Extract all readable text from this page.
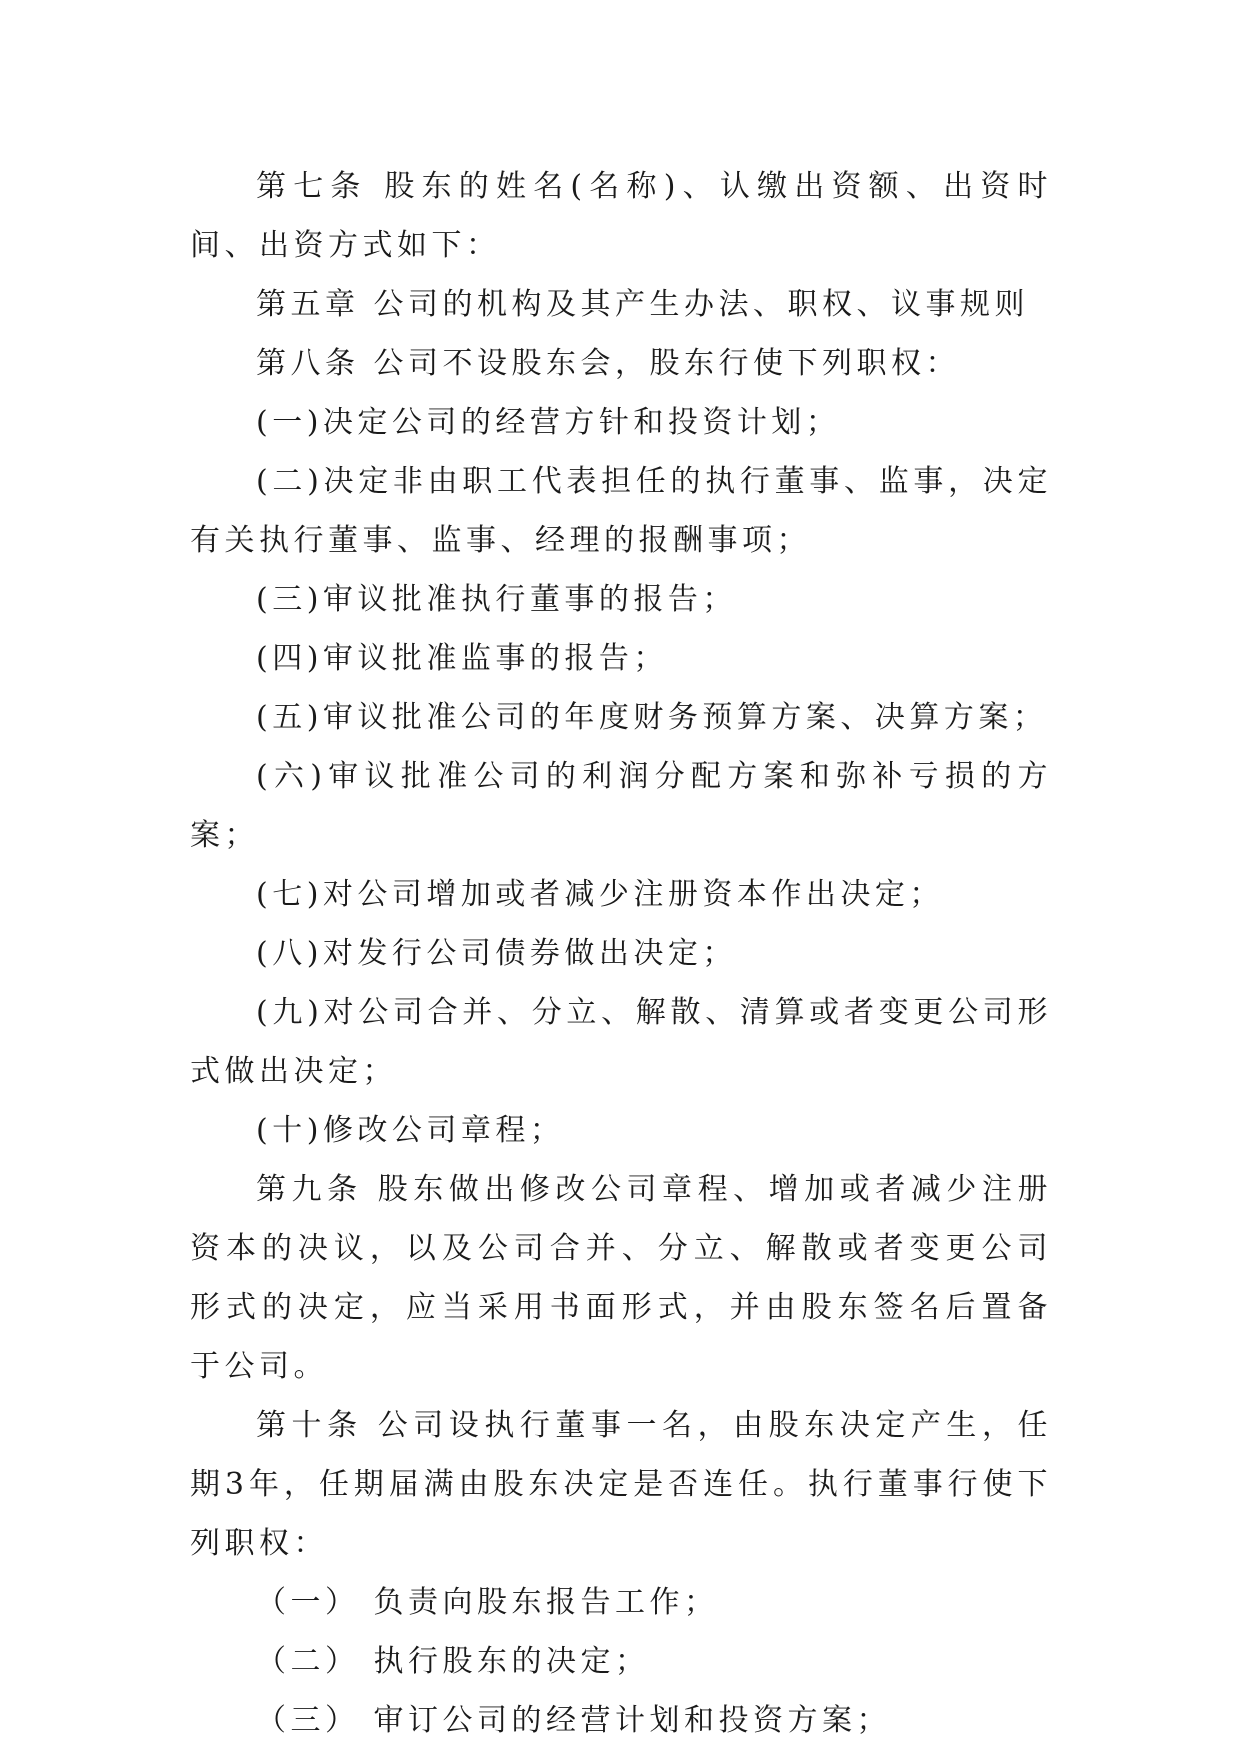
第七条 股东的姓名(名称)、认缴出资额、出资时间、出资方式如下：

第五章 公司的机构及其产生办法、职权、议事规则

第八条 公司不设股东会，股东行使下列职权：

(一)决定公司的经营方针和投资计划；

(二)决定非由职工代表担任的执行董事、监事，决定有关执行董事、监事、经理的报酬事项；

(三)审议批准执行董事的报告；

(四)审议批准监事的报告；

(五)审议批准公司的年度财务预算方案、决算方案；

(六)审议批准公司的利润分配方案和弥补亏损的方案；

(七)对公司增加或者减少注册资本作出决定；

(八)对发行公司债券做出决定；

(九)对公司合并、分立、解散、清算或者变更公司形式做出决定；

(十)修改公司章程；

第九条 股东做出修改公司章程、增加或者减少注册资本的决议，以及公司合并、分立、解散或者变更公司形式的决定，应当采用书面形式，并由股东签名后置备于公司。

第十条 公司设执行董事一名，由股东决定产生，任期3年，任期届满由股东决定是否连任。执行董事行使下列职权：

（一） 负责向股东报告工作；

（二） 执行股东的决定；

（三） 审订公司的经营计划和投资方案；
